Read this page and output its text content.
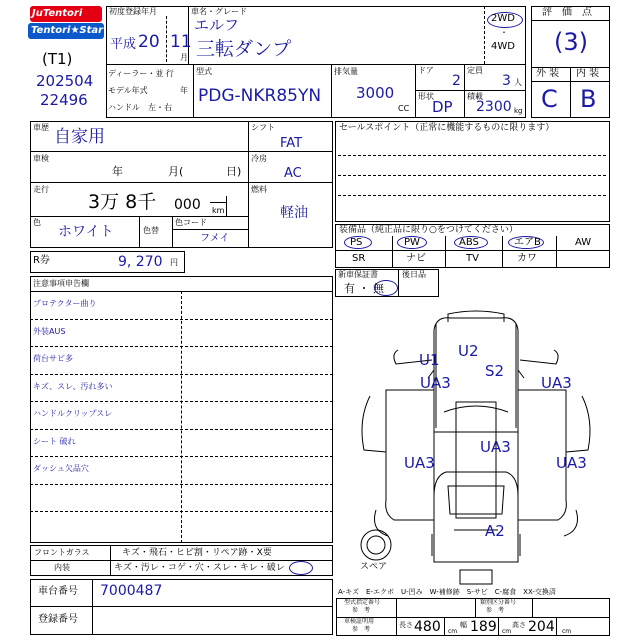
JuTentori
Tentori★Star
(T1)
202504
22496
初度登録年月
平成 20 11
月
車名・グレード
エルフ
三転ダンプ
2WD
・
4WD
ディーラー・並 行
モデル年式	年
ハンドル　左・右
型式
PDG-NKR85YN
排気量
3000
CC
ドア
2
定員
3 人
形状
DP
積載
2300 kg
評　価　点
(3)
外 装 内 装
C B
車歴 自家用
車検
年	月(	日)
走行
3万 8千 000 km
色
ホワイト	色替
色コード
フメイ
シフト
FAT
冷房
AC
燃料
軽油
R券	9, 270 円
セールスポイント（正常に機能するものに限ります）
装備品（純正品に限り○をつけてください）
PS	PW	ABS	エアB	AW
SR	ナビ	TV	カワ
新車保証書
有 ・ 無
後日品
注意事項申告欄
プロテクター曲り
外装AUS
荷台サビ多
キズ、スレ、汚れ多い
ハンドルクリップスレ
シート 破れ
ダッシュ欠品穴
U1 U2
S2
UA3	UA3
UA3
UA3	UA3
A2
スペア
フロントガラス	キズ・飛石・ヒビ割・リペア跡・X要
内装	キズ・汚レ・コゲ・穴・スレ・キレ・破レ
車台番号 7000487
登録番号
A-キズ　E-エクボ　U-凹み　W-補修跡　S-サビ　C-腐食　XX-交換済
型式指定番号
参　考
類別区分番号
参　考
車検証明用
参　考
長さ 480 cm
幅 189 cm
高さ 204 cm
